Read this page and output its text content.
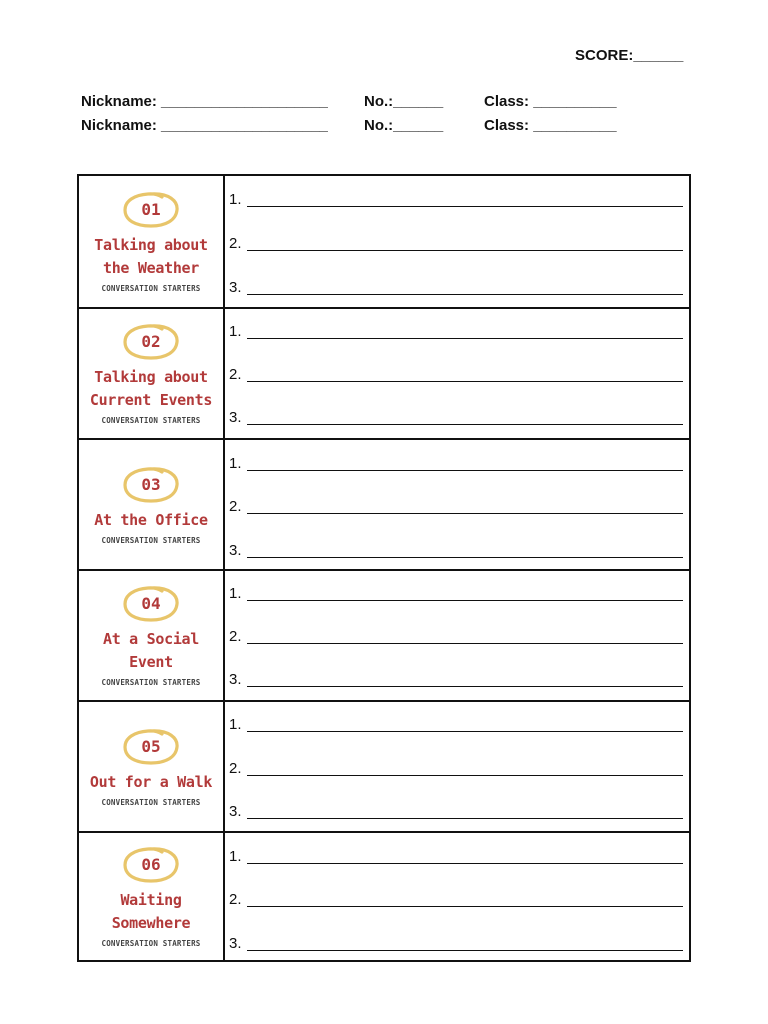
SCORE:______
Nickname: ____________________ No.:______	Class: __________
Nickname: ____________________ No.:______	Class: __________
01
Talking about
the Weather
CONVERSATION STARTERS
1.
2.
3.
02
Talking about
Current Events
CONVERSATION STARTERS
1.
2.
3.
03
At the Office
CONVERSATION STARTERS
1.
2.
3.
04
At a Social
Event
CONVERSATION STARTERS
1.
2.
3.
05
Out for a Walk
CONVERSATION STARTERS
1.
2.
3.
06
Waiting
Somewhere
CONVERSATION STARTERS
1.
2.
3.
